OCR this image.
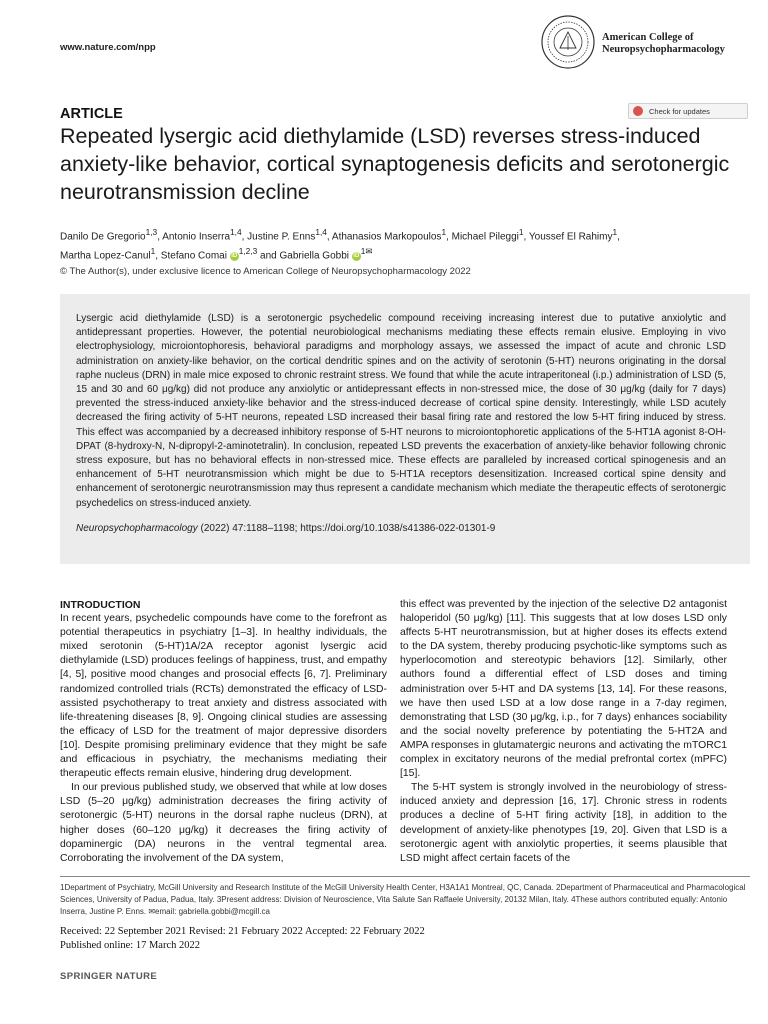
www.nature.com/npp
American College of
Neuropsychopharmacology
ARTICLE	Check for updates
Repeated lysergic acid diethylamide (LSD) reverses stress-induced anxiety-like behavior, cortical synaptogenesis deficits and serotonergic neurotransmission decline
Danilo De Gregorio$^{1,3}$, Antonio Inserra$^{1,4}$, Justine P. Enns$^{1,4}$, Athanasios Markopoulos$^1$, Michael Pileggi$^1$, Youssef El Rahimy$^1$,
Martha Lopez-Canul$^1$, Stefano Comai iD $^{1,2,3}$ and Gabriella Gobbi iD $^{1✉}$
© The Author(s), under exclusive licence to American College of Neuropsychopharmacology 2022
Lysergic acid diethylamide (LSD) is a serotonergic psychedelic compound receiving increasing interest due to putative anxiolytic and antidepressant properties. However, the potential neurobiological mechanisms mediating these effects remain elusive. Employing in vivo electrophysiology, microiontophoresis, behavioral paradigms and morphology assays, we assessed the impact of acute and chronic LSD administration on anxiety-like behavior, on the cortical dendritic spines and on the activity of serotonin (5-HT) neurons originating in the dorsal raphe nucleus (DRN) in male mice exposed to chronic restraint stress. We found that while the acute intraperitoneal (i.p.) administration of LSD (5, 15 and 30 and 60 μg/kg) did not produce any anxiolytic or antidepressant effects in non-stressed mice, the dose of 30 μg/kg (daily for 7 days) prevented the stress-induced anxiety-like behavior and the stress-induced decrease of cortical spine density. Interestingly, while LSD acutely decreased the firing activity of 5-HT neurons, repeated LSD increased their basal firing rate and restored the low 5-HT firing induced by stress. This effect was accompanied by a decreased inhibitory response of 5-HT neurons to microiontophoretic applications of the 5-HT1A agonist 8-OH-DPAT (8-hydroxy-N, N-dipropyl-2-aminotetralin). In conclusion, repeated LSD prevents the exacerbation of anxiety-like behavior following chronic stress exposure, but has no behavioral effects in non-stressed mice. These effects are paralleled by increased cortical spinogenesis and an enhancement of 5-HT neurotransmission which might be due to 5-HT1A receptors desensitization. Increased cortical spine density and enhancement of serotonergic neurotransmission may thus represent a candidate mechanism which mediate the therapeutic effects of serotonergic psychedelics on stress-induced anxiety.
Neuropsychopharmacology (2022) 47:1188–1198; https://doi.org/10.1038/s41386-022-01301-9
INTRODUCTION

In recent years, psychedelic compounds have come to the forefront as potential therapeutics in psychiatry [1–3]. In healthy individuals, the mixed serotonin (5-HT)1A/2A receptor agonist lysergic acid diethylamide (LSD) produces feelings of happiness, trust, and empathy [4, 5], positive mood changes and prosocial effects [6, 7]. Preliminary randomized controlled trials (RCTs) demonstrated the efficacy of LSD-assisted psychotherapy to treat anxiety and distress associated with life-threatening diseases [8, 9]. Ongoing clinical studies are assessing the efficacy of LSD for the treatment of major depressive disorders [10]. Despite promising preliminary evidence that they might be safe and efficacious in psychiatry, the mechanisms mediating their therapeutic effects remain elusive, hindering drug development.

In our previous published study, we observed that while at low doses LSD (5–20 μg/kg) administration decreases the firing activity of serotonergic (5-HT) neurons in the dorsal raphe nucleus (DRN), at higher doses (60–120 μg/kg) it decreases the firing activity of dopaminergic (DA) neurons in the ventral tegmental area. Corroborating the involvement of the DA system,

this effect was prevented by the injection of the selective D2 antagonist haloperidol (50 μg/kg) [11]. This suggests that at low doses LSD only affects 5-HT neurotransmission, but at higher doses its effects extend to the DA system, thereby producing psychotic-like symptoms such as hyperlocomotion and stereotypic behaviors [12]. Similarly, other authors found a differential effect of LSD doses and timing administration over 5-HT and DA systems [13, 14]. For these reasons, we have then used LSD at a low dose range in a 7-day regimen, demonstrating that LSD (30 μg/kg, i.p., for 7 days) enhances sociability and the social novelty preference by potentiating the 5-HT2A and AMPA responses in glutamatergic neurons and activating the mTORC1 complex in excitatory neurons of the medial prefrontal cortex (mPFC) [15].

The 5-HT system is strongly involved in the neurobiology of stress-induced anxiety and depression [16, 17]. Chronic stress in rodents produces a decline of 5-HT firing activity [18], in addition to the development of anxiety-like phenotypes [19, 20]. Given that LSD is a serotonergic agent with anxiolytic properties, it seems plausible that LSD might affect certain facets of the

1Department of Psychiatry, McGill University and Research Institute of the McGill University Health Center, H3A1A1 Montreal, QC, Canada. 2Department of Pharmaceutical and Pharmacological Sciences, University of Padua, Padua, Italy. 3Present address: Division of Neuroscience, Vita Salute San Raffaele University, 20132 Milan, Italy. 4These authors contributed equally: Antonio Inserra, Justine P. Enns. ✉email: gabriella.gobbi@mcgill.ca
Received: 22 September 2021 Revised: 21 February 2022 Accepted: 22 February 2022
Published online: 17 March 2022
SPRINGER NATURE
